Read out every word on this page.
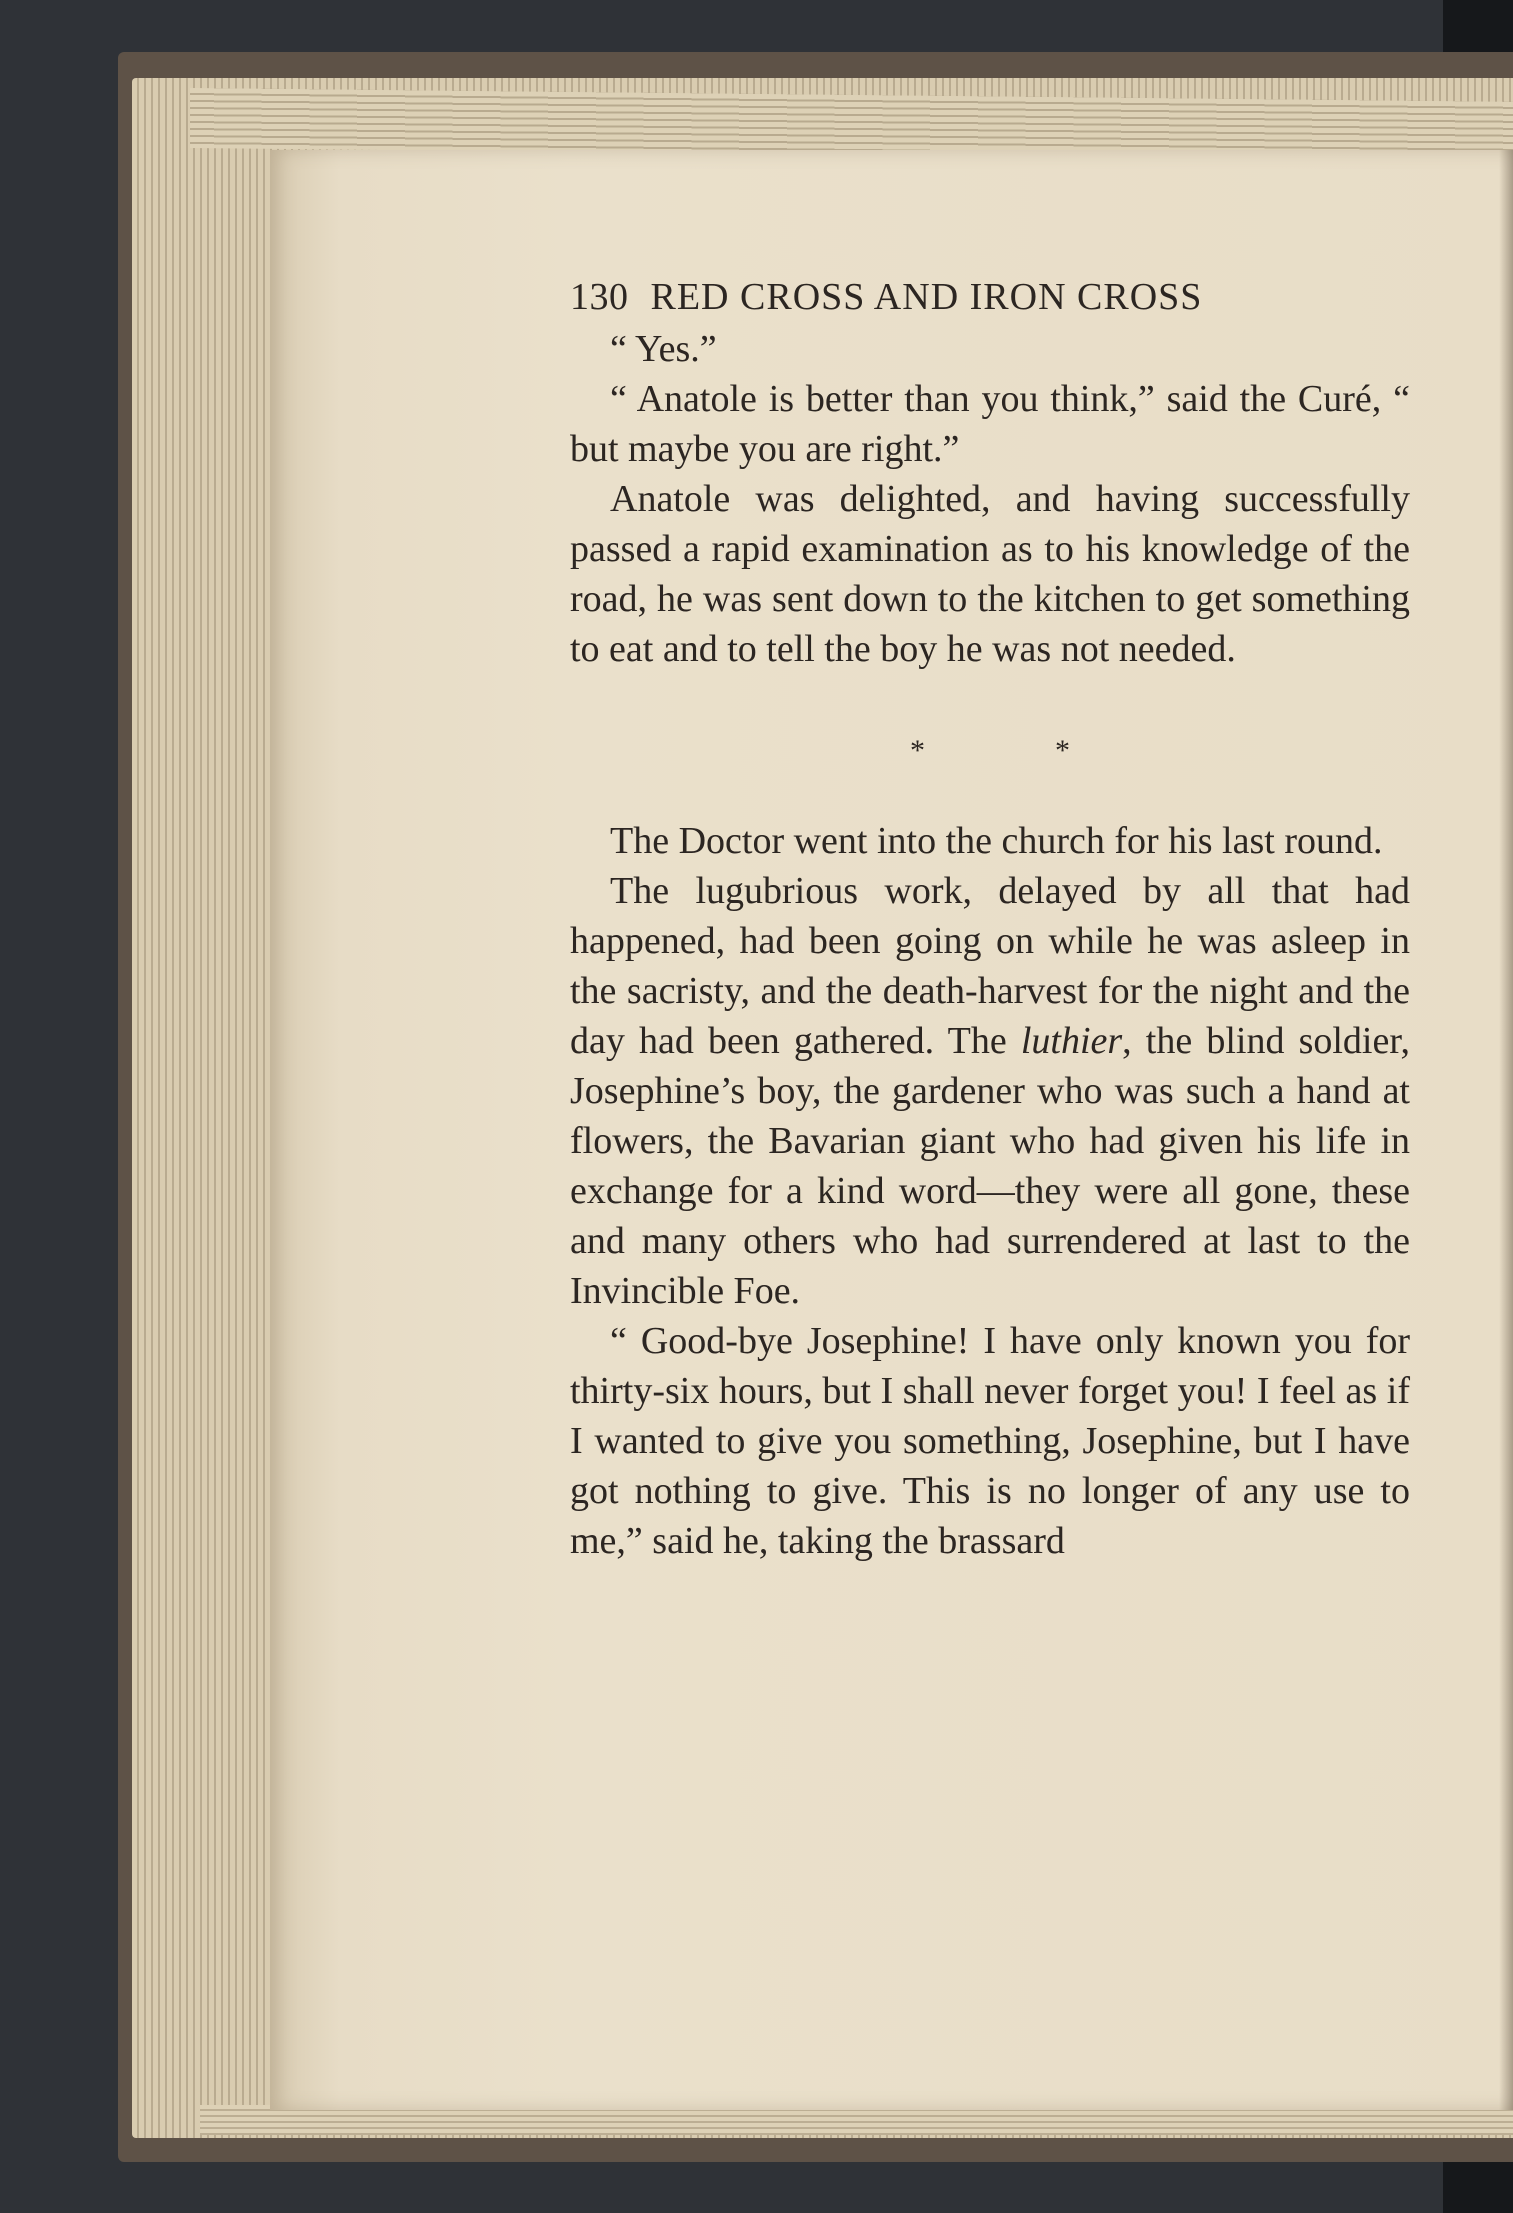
130 RED CROSS AND IRON CROSS

“ Yes.”

“ Anatole is better than you think,” said the Curé, “ but maybe you are right.”

Anatole was delighted, and having successfully passed a rapid examination as to his knowledge of the road, he was sent down to the kitchen to get something to eat and to tell the boy he was not needed.

*	*

The Doctor went into the church for his last round.

The lugubrious work, delayed by all that had happened, had been going on while he was asleep in the sacristy, and the death-harvest for the night and the day had been gathered. The luthier, the blind soldier, Josephine’s boy, the gardener who was such a hand at flowers, the Bavarian giant who had given his life in exchange for a kind word—they were all gone, these and many others who had surrendered at last to the Invincible Foe.

“ Good-bye Josephine! I have only known you for thirty-six hours, but I shall never forget you! I feel as if I wanted to give you something, Josephine, but I have got nothing to give. This is no longer of any use to me,” said he, taking the brassard
